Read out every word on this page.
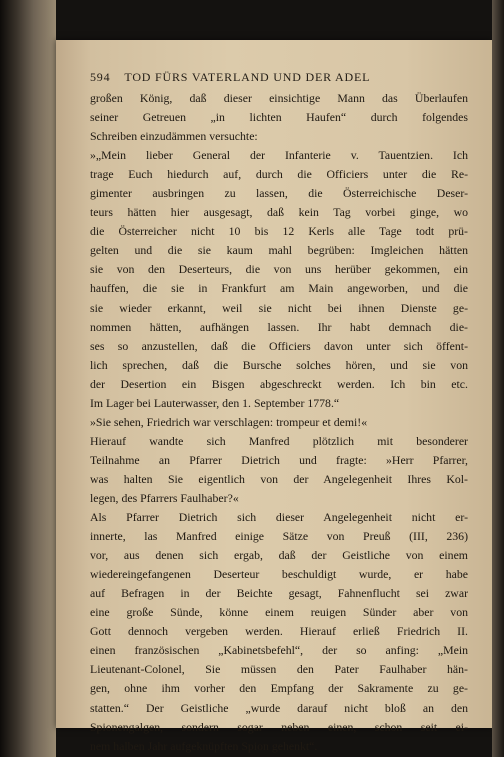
594 TOD FÜRS VATERLAND UND DER ADEL
großen König, daß dieser einsichtige Mann das Überlaufen
seiner Getreuen „in lichten Haufen“ durch folgendes
Schreiben einzudämmen versuchte:
»„Mein lieber General der Infanterie v. Tauentzien. Ich
trage Euch hiedurch auf, durch die Officiers unter die Re-
gimenter ausbringen zu lassen, die Österreichische Deser-
teurs hätten hier ausgesagt, daß kein Tag vorbei ginge, wo
die Österreicher nicht 10 bis 12 Kerls alle Tage todt prü-
gelten und die sie kaum mahl begrüben: Imgleichen hätten
sie von den Deserteurs, die von uns herüber gekommen, ein
hauffen, die sie in Frankfurt am Main angeworben, und die
sie wieder erkannt, weil sie nicht bei ihnen Dienste ge-
nommen hätten, aufhängen lassen. Ihr habt demnach die-
ses so anzustellen, daß die Officiers davon unter sich öffent-
lich sprechen, daß die Bursche solches hören, und sie von
der Desertion ein Bisgen abgeschreckt werden. Ich bin etc.
Im Lager bei Lauterwasser, den 1. September 1778.“
»Sie sehen, Friedrich war verschlagen: trompeur et demi!«
Hierauf wandte sich Manfred plötzlich mit besonderer
Teilnahme an Pfarrer Dietrich und fragte: »Herr Pfarrer,
was halten Sie eigentlich von der Angelegenheit Ihres Kol-
legen, des Pfarrers Faulhaber?«
Als Pfarrer Dietrich sich dieser Angelegenheit nicht er-
innerte, las Manfred einige Sätze von Preuß (III, 236)
vor, aus denen sich ergab, daß der Geistliche von einem
wiedereingefangenen Deserteur beschuldigt wurde, er habe
auf Befragen in der Beichte gesagt, Fahnenflucht sei zwar
eine große Sünde, könne einem reuigen Sünder aber von
Gott dennoch vergeben werden. Hierauf erließ Friedrich II.
einen französischen „Kabinetsbefehl“, der so anfing: „Mein
Lieutenant-Colonel, Sie müssen den Pater Faulhaber hän-
gen, ohne ihm vorher den Empfang der Sakramente zu ge-
statten.“ Der Geistliche „wurde darauf nicht bloß an den
Spionengalgen, sondern sogar neben einen, schon seit ei-
nem halben Jahr aufgeknüpften Spion gehenkt“.
